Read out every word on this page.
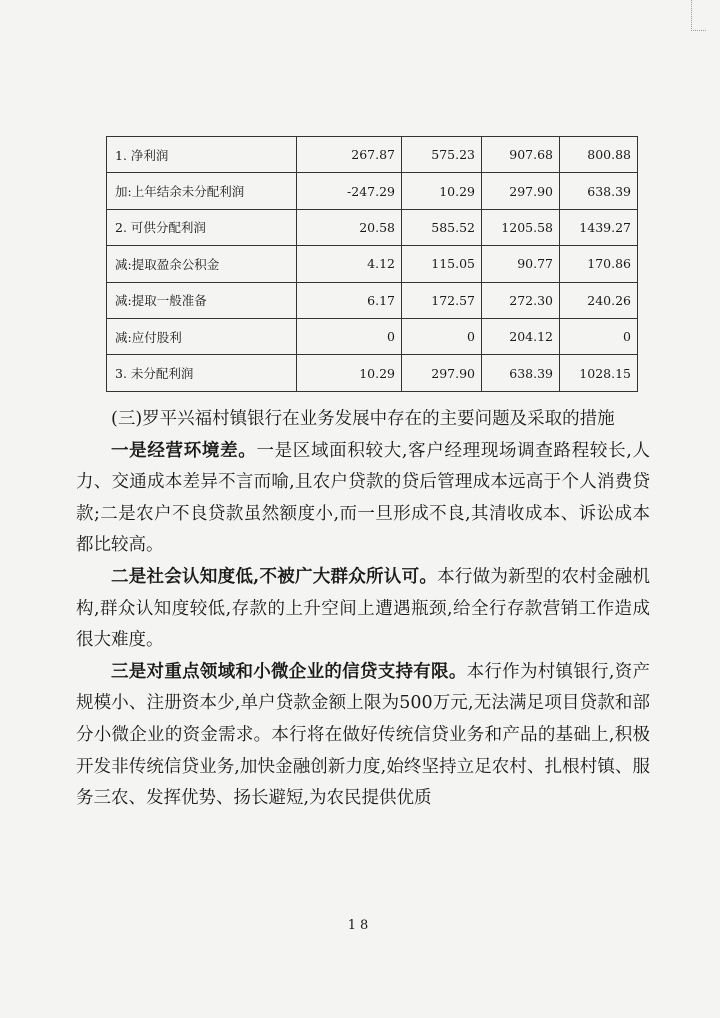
1. 净利润	267.87	575.23	907.68	800.88
加:上年结余未分配利润	-247.29	10.29	297.90	638.39
2. 可供分配利润	20.58	585.52	1205.58	1439.27
减:提取盈余公积金	4.12	115.05	90.77	170.86
减:提取一般准备	6.17	172.57	272.30	240.26
减:应付股利	0	0	204.12	0
3. 未分配利润	10.29	297.90	638.39	1028.15

(三)罗平兴福村镇银行在业务发展中存在的主要问题及采取的措施

一是经营环境差。一是区域面积较大,客户经理现场调查路程较长,人力、交通成本差异不言而喻,且农户贷款的贷后管理成本远高于个人消费贷款;二是农户不良贷款虽然额度小,而一旦形成不良,其清收成本、诉讼成本都比较高。

二是社会认知度低,不被广大群众所认可。本行做为新型的农村金融机构,群众认知度较低,存款的上升空间上遭遇瓶颈,给全行存款营销工作造成很大难度。

三是对重点领域和小微企业的信贷支持有限。本行作为村镇银行,资产规模小、注册资本少,单户贷款金额上限为500万元,无法满足项目贷款和部分小微企业的资金需求。本行将在做好传统信贷业务和产品的基础上,积极开发非传统信贷业务,加快金融创新力度,始终坚持立足农村、扎根村镇、服务三农、发挥优势、扬长避短,为农民提供优质

18
